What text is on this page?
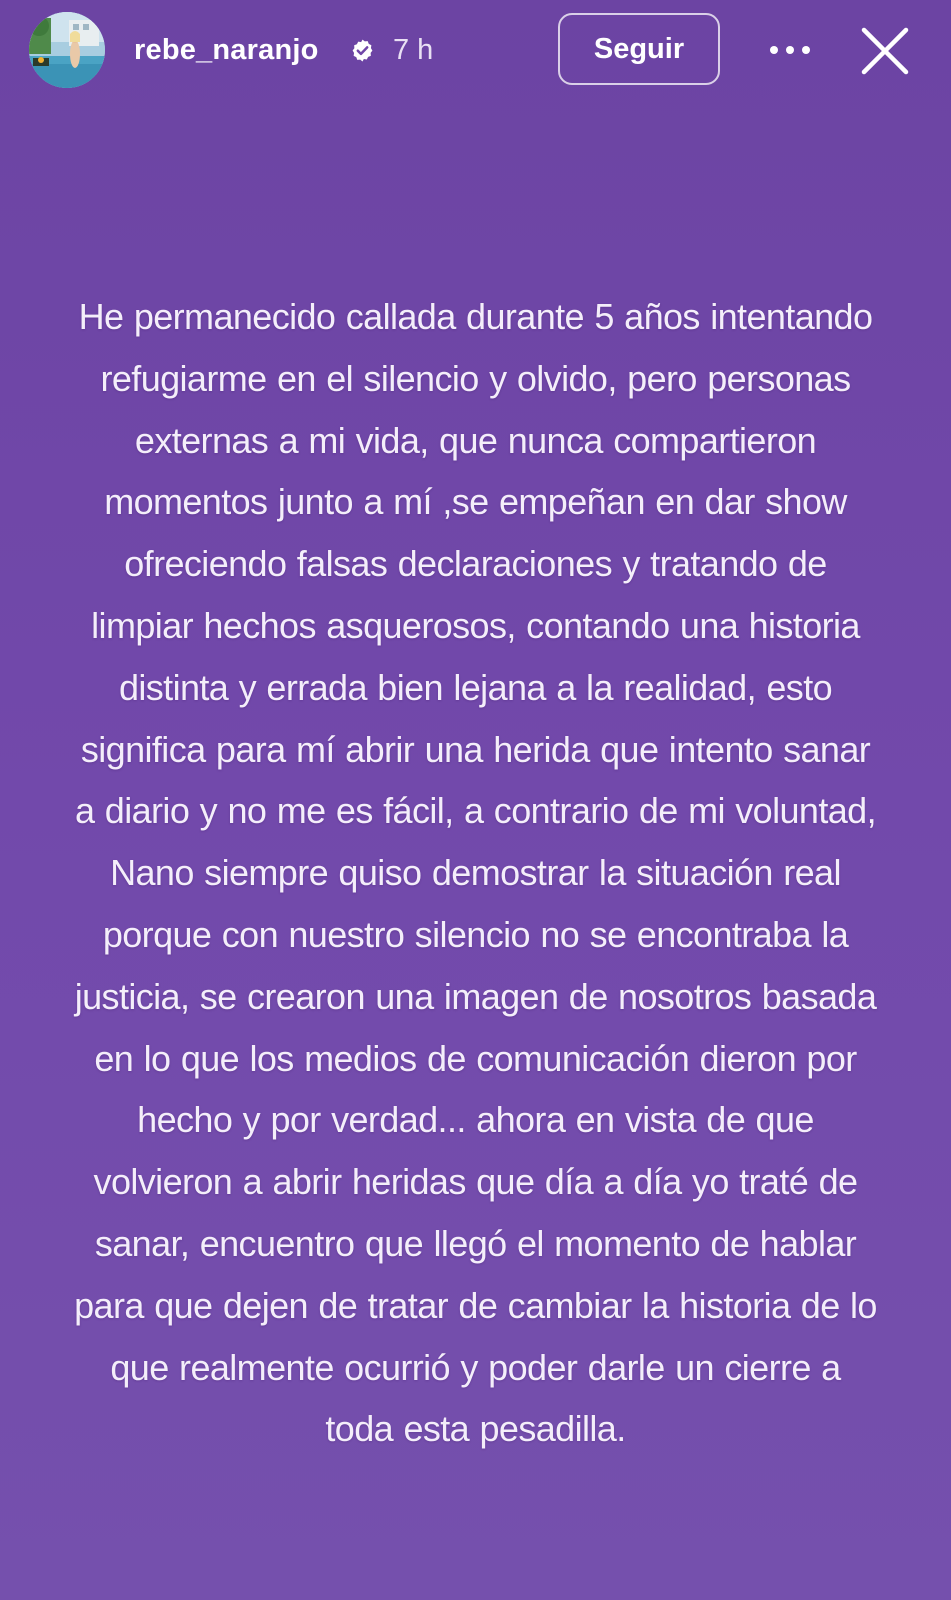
rebe_naranjo	7 h	Seguir
He permanecido callada durante 5 años intentando
refugiarme en el silencio y olvido, pero personas
externas a mi vida, que nunca compartieron
momentos junto a mí ,se empeñan en dar show
ofreciendo falsas declaraciones y tratando de
limpiar hechos asquerosos, contando una historia
distinta y errada bien lejana a la realidad, esto
significa para mí abrir una herida que intento sanar
a diario y no me es fácil, a contrario de mi voluntad,
Nano siempre quiso demostrar la situación real
porque con nuestro silencio no se encontraba la
justicia, se crearon una imagen de nosotros basada
en lo que los medios de comunicación dieron por
hecho y por verdad... ahora en vista de que
volvieron a abrir heridas que día a día yo traté de
sanar, encuentro que llegó el momento de hablar
para que dejen de tratar de cambiar la historia de lo
que realmente ocurrió y poder darle un cierre a
toda esta pesadilla.
